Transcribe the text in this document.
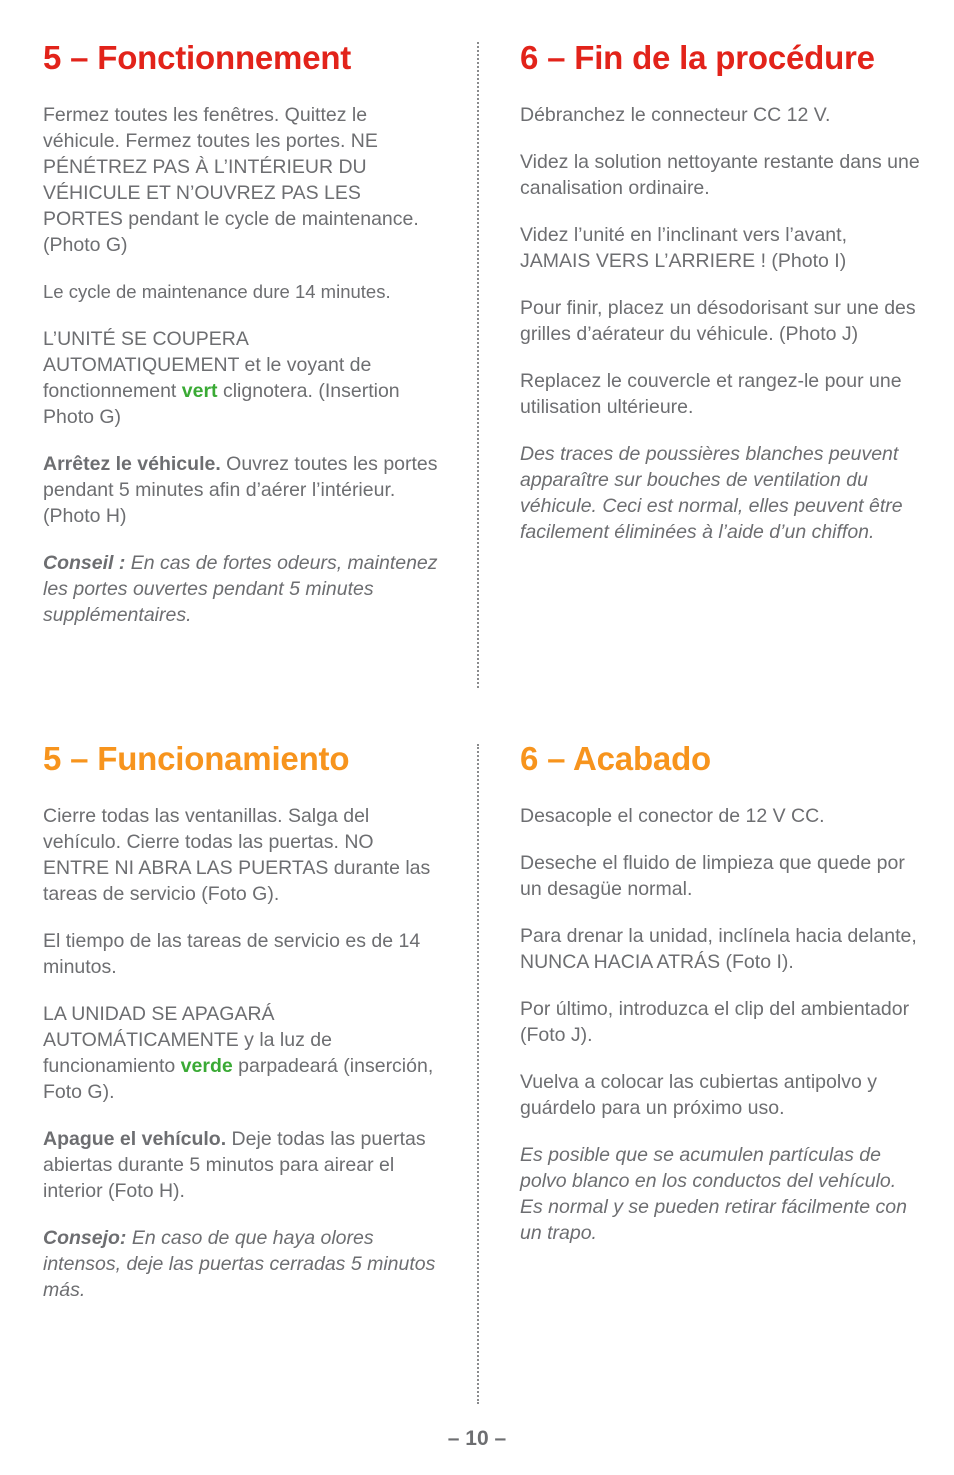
5 – Fonctionnement

Fermez toutes les fenêtres. Quittez le véhicule. Fermez toutes les portes. NE PÉNÉTREZ PAS À L’INTÉRIEUR DU VÉHICULE ET N’OUVREZ PAS LES PORTES pendant le cycle de maintenance. (Photo G)

Le cycle de maintenance dure 14 minutes.

L’UNITÉ SE COUPERA AUTOMATIQUEMENT et le voyant de fonctionnement vert clignotera. (Insertion Photo G)

Arrêtez le véhicule. Ouvrez toutes les portes pendant 5 minutes afin d’aérer l’intérieur. (Photo H)

Conseil : En cas de fortes odeurs, maintenez les portes ouvertes pendant 5 minutes supplémentaires.

6 – Fin de la procédure

Débranchez le connecteur CC 12 V.

Videz la solution nettoyante restante dans une canalisation ordinaire.

Videz l’unité en l’inclinant vers l’avant, JAMAIS VERS L’ARRIERE ! (Photo I)

Pour finir, placez un désodorisant sur une des grilles d’aérateur du véhicule. (Photo J)

Replacez le couvercle et rangez-le pour une utilisation ultérieure.

Des traces de poussières blanches peuvent apparaître sur bouches de ventilation du véhicule. Ceci est normal, elles peuvent être facilement éliminées à l’aide d’un chiffon.

5 – Funcionamiento

Cierre todas las ventanillas. Salga del vehículo. Cierre todas las puertas. NO ENTRE NI ABRA LAS PUERTAS durante las tareas de servicio (Foto G).

El tiempo de las tareas de servicio es de 14 minutos.

LA UNIDAD SE APAGARÁ AUTOMÁTICAMENTE y la luz de funcionamiento verde parpadeará (inserción, Foto G).

Apague el vehículo. Deje todas las puertas abiertas durante 5 minutos para airear el interior (Foto H).

Consejo: En caso de que haya olores intensos, deje las puertas cerradas 5 minutos más.

6 – Acabado

Desacople el conector de 12 V CC.

Deseche el fluido de limpieza que quede por un desagüe normal.

Para drenar la unidad, inclínela hacia delante, NUNCA HACIA ATRÁS (Foto I).

Por último, introduzca el clip del ambientador (Foto J).

Vuelva a colocar las cubiertas antipolvo y guárdelo para un próximo uso.

Es posible que se acumulen partículas de polvo blanco en los conductos del vehículo. Es normal y se pueden retirar fácilmente con un trapo.

– 10 –
